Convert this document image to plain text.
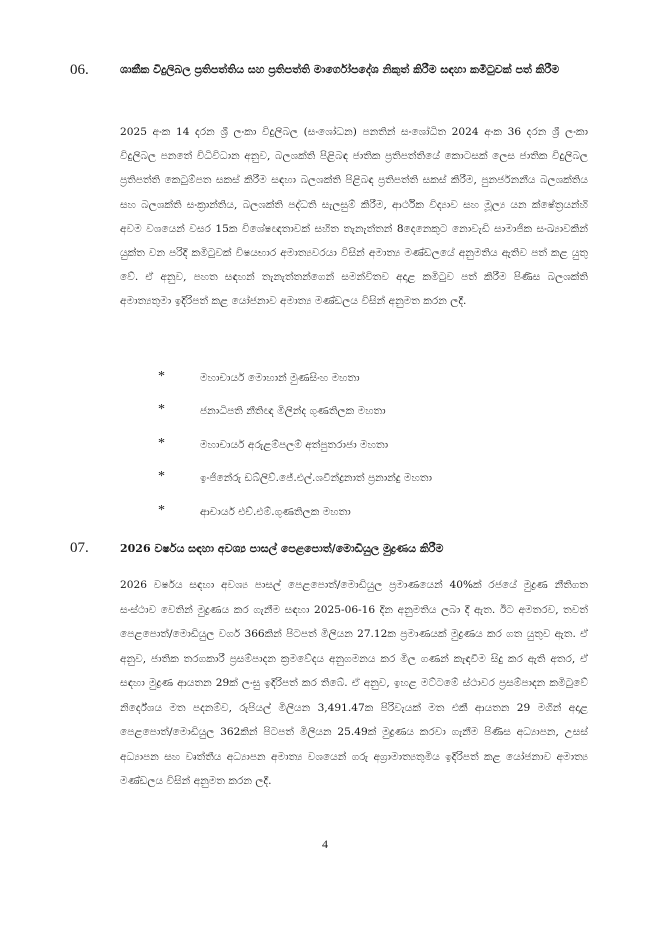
06.	ශාකීක විදුලිබල ප්‍රතිපත්තිය සහ ප්‍රතිපත්ති මාර්ගෝපදේශ නිකුත් කිරීම සඳහා කමිටුවක් පත් කිරීම
2025 අංක 14 දරන ශ්‍රී ලංකා විදුලිබල (සංශෝධන) පනතින් සංශෝධිත 2024 අංක 36 දරන ශ්‍රී ලංකා විදුලිබල පනතේ විධිවිධාන අනුව, බලශක්ති පිළිබඳ ජාතික ප්‍රතිපත්තියේ කොටසක් ලෙස ජාතික විදුලිබල ප්‍රතිපත්ති කෙටුම්පත සකස් කිරීම සඳහා බලශක්ති පිළිබඳ ප්‍රතිපත්ති සකස් කිරීම, පුනර්ජනනීය බලශක්තිය සහ බලශක්ති සංක්‍රාන්තිය, බලශක්ති පද්ධති සැලසුම් කිරීම, ආර්ථික විද්‍යාව සහ මූල්‍ය යන ක්ෂේත්‍රයන්හි අවම වශයෙන් වසර 15ක විශේෂඥතාවක් සහිත තැනැත්තන් 8දෙනෙකුට නොවැඩි සාමාජික සංඛ්‍යාවකින් යුක්ත වන පරිදි කමිටුවක් විෂයභාර අමාත්‍යවරයා විසින් අමාත්‍ය මණ්ඩලයේ අනුමතිය ඇතිව පත් කළ යුතු වේ. ඒ අනුව, පහත සඳහන් තැනැත්තන්ගෙන් සමන්විතව අදාළ කමිටුව පත් කිරීම පිණිස බලශක්ති අමාත්‍යතුමා ඉදිරිපත් කළ යෝජනාව අමාත්‍ය මණ්ඩලය විසින් අනුමත කරන ලදී.
*	මහාචාර්ය මොහාන් මුණසිංහ මහතා
*	ජනාධිපති නීතිඥ මිලින්ද ගුණතිලක මහතා
*	මහාචාර්ය අරුළම්පලම් අත්පුතරාජා මහතා
*	ඉංජිනේරු ඩබ්ලිව්.ජේ.එල්.ශවීන්ද්‍රනාත් ප්‍රනාන්දු මහතා
*	ආචාර්ය එච්.එම්.ගුණතිලක මහතා
07.	2026 වර්ෂය සඳහා අවශ්‍ය පාසල් පෙළපොත්/මොඩියුල මුද්‍රණය කිරීම
2026 වර්ෂය සඳහා අවශ්‍ය පාසල් පෙළපොත්/මොඩියුල ප්‍රමාණයෙන් 40%ක් රජයේ මුද්‍රණ නීතිගත සංස්ථාව වෙතින් මුද්‍රණය කර ගැනීම සඳහා 2025-06-16 දින අනුමතිය ලබා දී ඇත. ඊට අමතරව, තවත් පෙළපොත්/මොඩියුල වර්ග 366කින් පිටපත් මිලියන 27.12ක ප්‍රමාණයක් මුද්‍රණය කර ගත යුතුව ඇත. ඒ අනුව, ජාතික තරගකාරී ප්‍රසම්පාදන ක්‍රමවේදය අනුගමනය කර මිල ගණන් කැඳවීම සිදු කර ඇති අතර, ඒ සඳහා මුද්‍රණ ආයතන 29ක් ලංසු ඉදිරිපත් කර තිබේ. ඒ අනුව, ඉහළ මට්ටමේ ස්ථාවර ප්‍රසම්පාදන කමිටුවේ නිර්දේශය මත පදනම්ව, රුපියල් මිලියන 3,491.47ක පිරිවැයක් මත එකී ආයතන 29 මගින් අදාළ පෙළපොත්/මොඩියුල 362කින් පිටපත් මිලියන 25.49ක් මුද්‍රණය කරවා ගැනීම පිණිස අධ්‍යාපන, උසස් අධ්‍යාපන සහ වෘත්තීය අධ්‍යාපන අමාත්‍ය වශයෙන් ගරු අග්‍රාමාත්‍යතුමිය ඉදිරිපත් කළ යෝජනාව අමාත්‍ය මණ්ඩලය විසින් අනුමත කරන ලදී.
4
